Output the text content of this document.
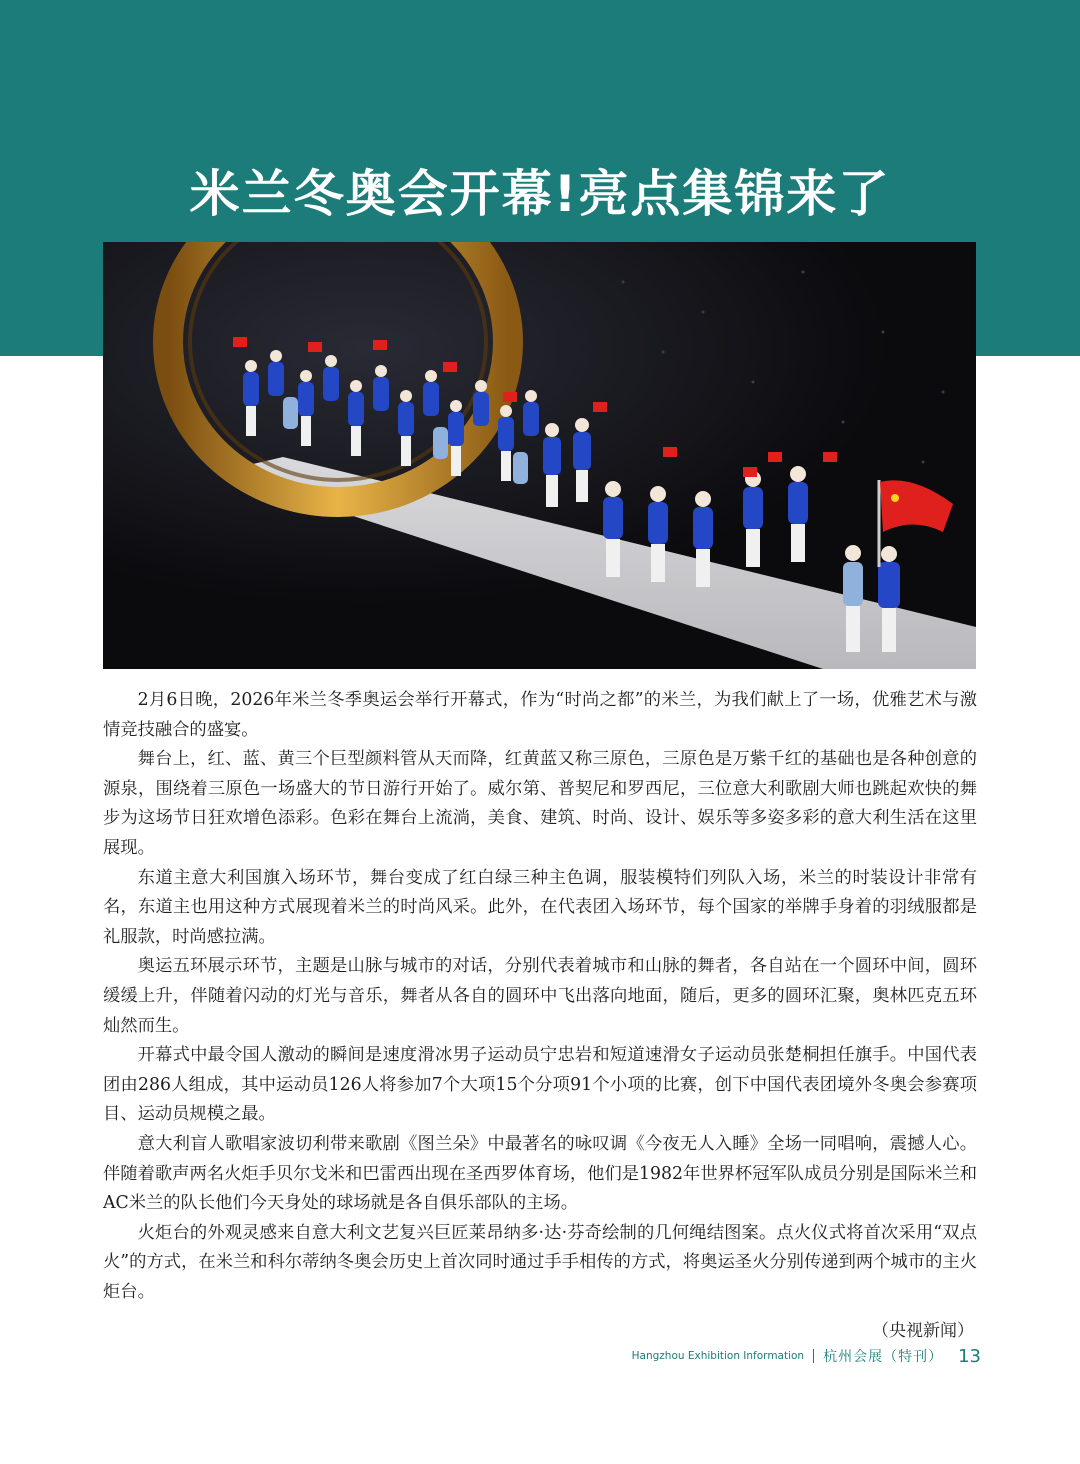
米兰冬奥会开幕!亮点集锦来了

2月6日晚，2026年米兰冬季奥运会举行开幕式，作为“时尚之都”的米兰，为我们献上了一场，优雅艺术与激情竞技融合的盛宴。

舞台上，红、蓝、黄三个巨型颜料管从天而降，红黄蓝又称三原色，三原色是万紫千红的基础也是各种创意的源泉，围绕着三原色一场盛大的节日游行开始了。威尔第、普契尼和罗西尼，三位意大利歌剧大师也跳起欢快的舞步为这场节日狂欢增色添彩。色彩在舞台上流淌，美食、建筑、时尚、设计、娱乐等多姿多彩的意大利生活在这里展现。

东道主意大利国旗入场环节，舞台变成了红白绿三种主色调，服装模特们列队入场，米兰的时装设计非常有名，东道主也用这种方式展现着米兰的时尚风采。此外，在代表团入场环节，每个国家的举牌手身着的羽绒服都是礼服款，时尚感拉满。

奥运五环展示环节，主题是山脉与城市的对话，分别代表着城市和山脉的舞者，各自站在一个圆环中间，圆环缓缓上升，伴随着闪动的灯光与音乐，舞者从各自的圆环中飞出落向地面，随后，更多的圆环汇聚，奥林匹克五环灿然而生。

开幕式中最令国人激动的瞬间是速度滑冰男子运动员宁忠岩和短道速滑女子运动员张楚桐担任旗手。中国代表团由286人组成，其中运动员126人将参加7个大项15个分项91个小项的比赛，创下中国代表团境外冬奥会参赛项目、运动员规模之最。

意大利盲人歌唱家波切利带来歌剧《图兰朵》中最著名的咏叹调《今夜无人入睡》全场一同唱响，震撼人心。伴随着歌声两名火炬手贝尔戈米和巴雷西出现在圣西罗体育场，他们是1982年世界杯冠军队成员分别是国际米兰和AC米兰的队长他们今天身处的球场就是各自俱乐部队的主场。

火炬台的外观灵感来自意大利文艺复兴巨匠莱昂纳多·达·芬奇绘制的几何绳结图案。点火仪式将首次采用“双点火”的方式，在米兰和科尔蒂纳冬奥会历史上首次同时通过手手相传的方式，将奥运圣火分别传递到两个城市的主火炬台。

（央视新闻）
Hangzhou Exhibition Information 杭州会展（特刊） 13
